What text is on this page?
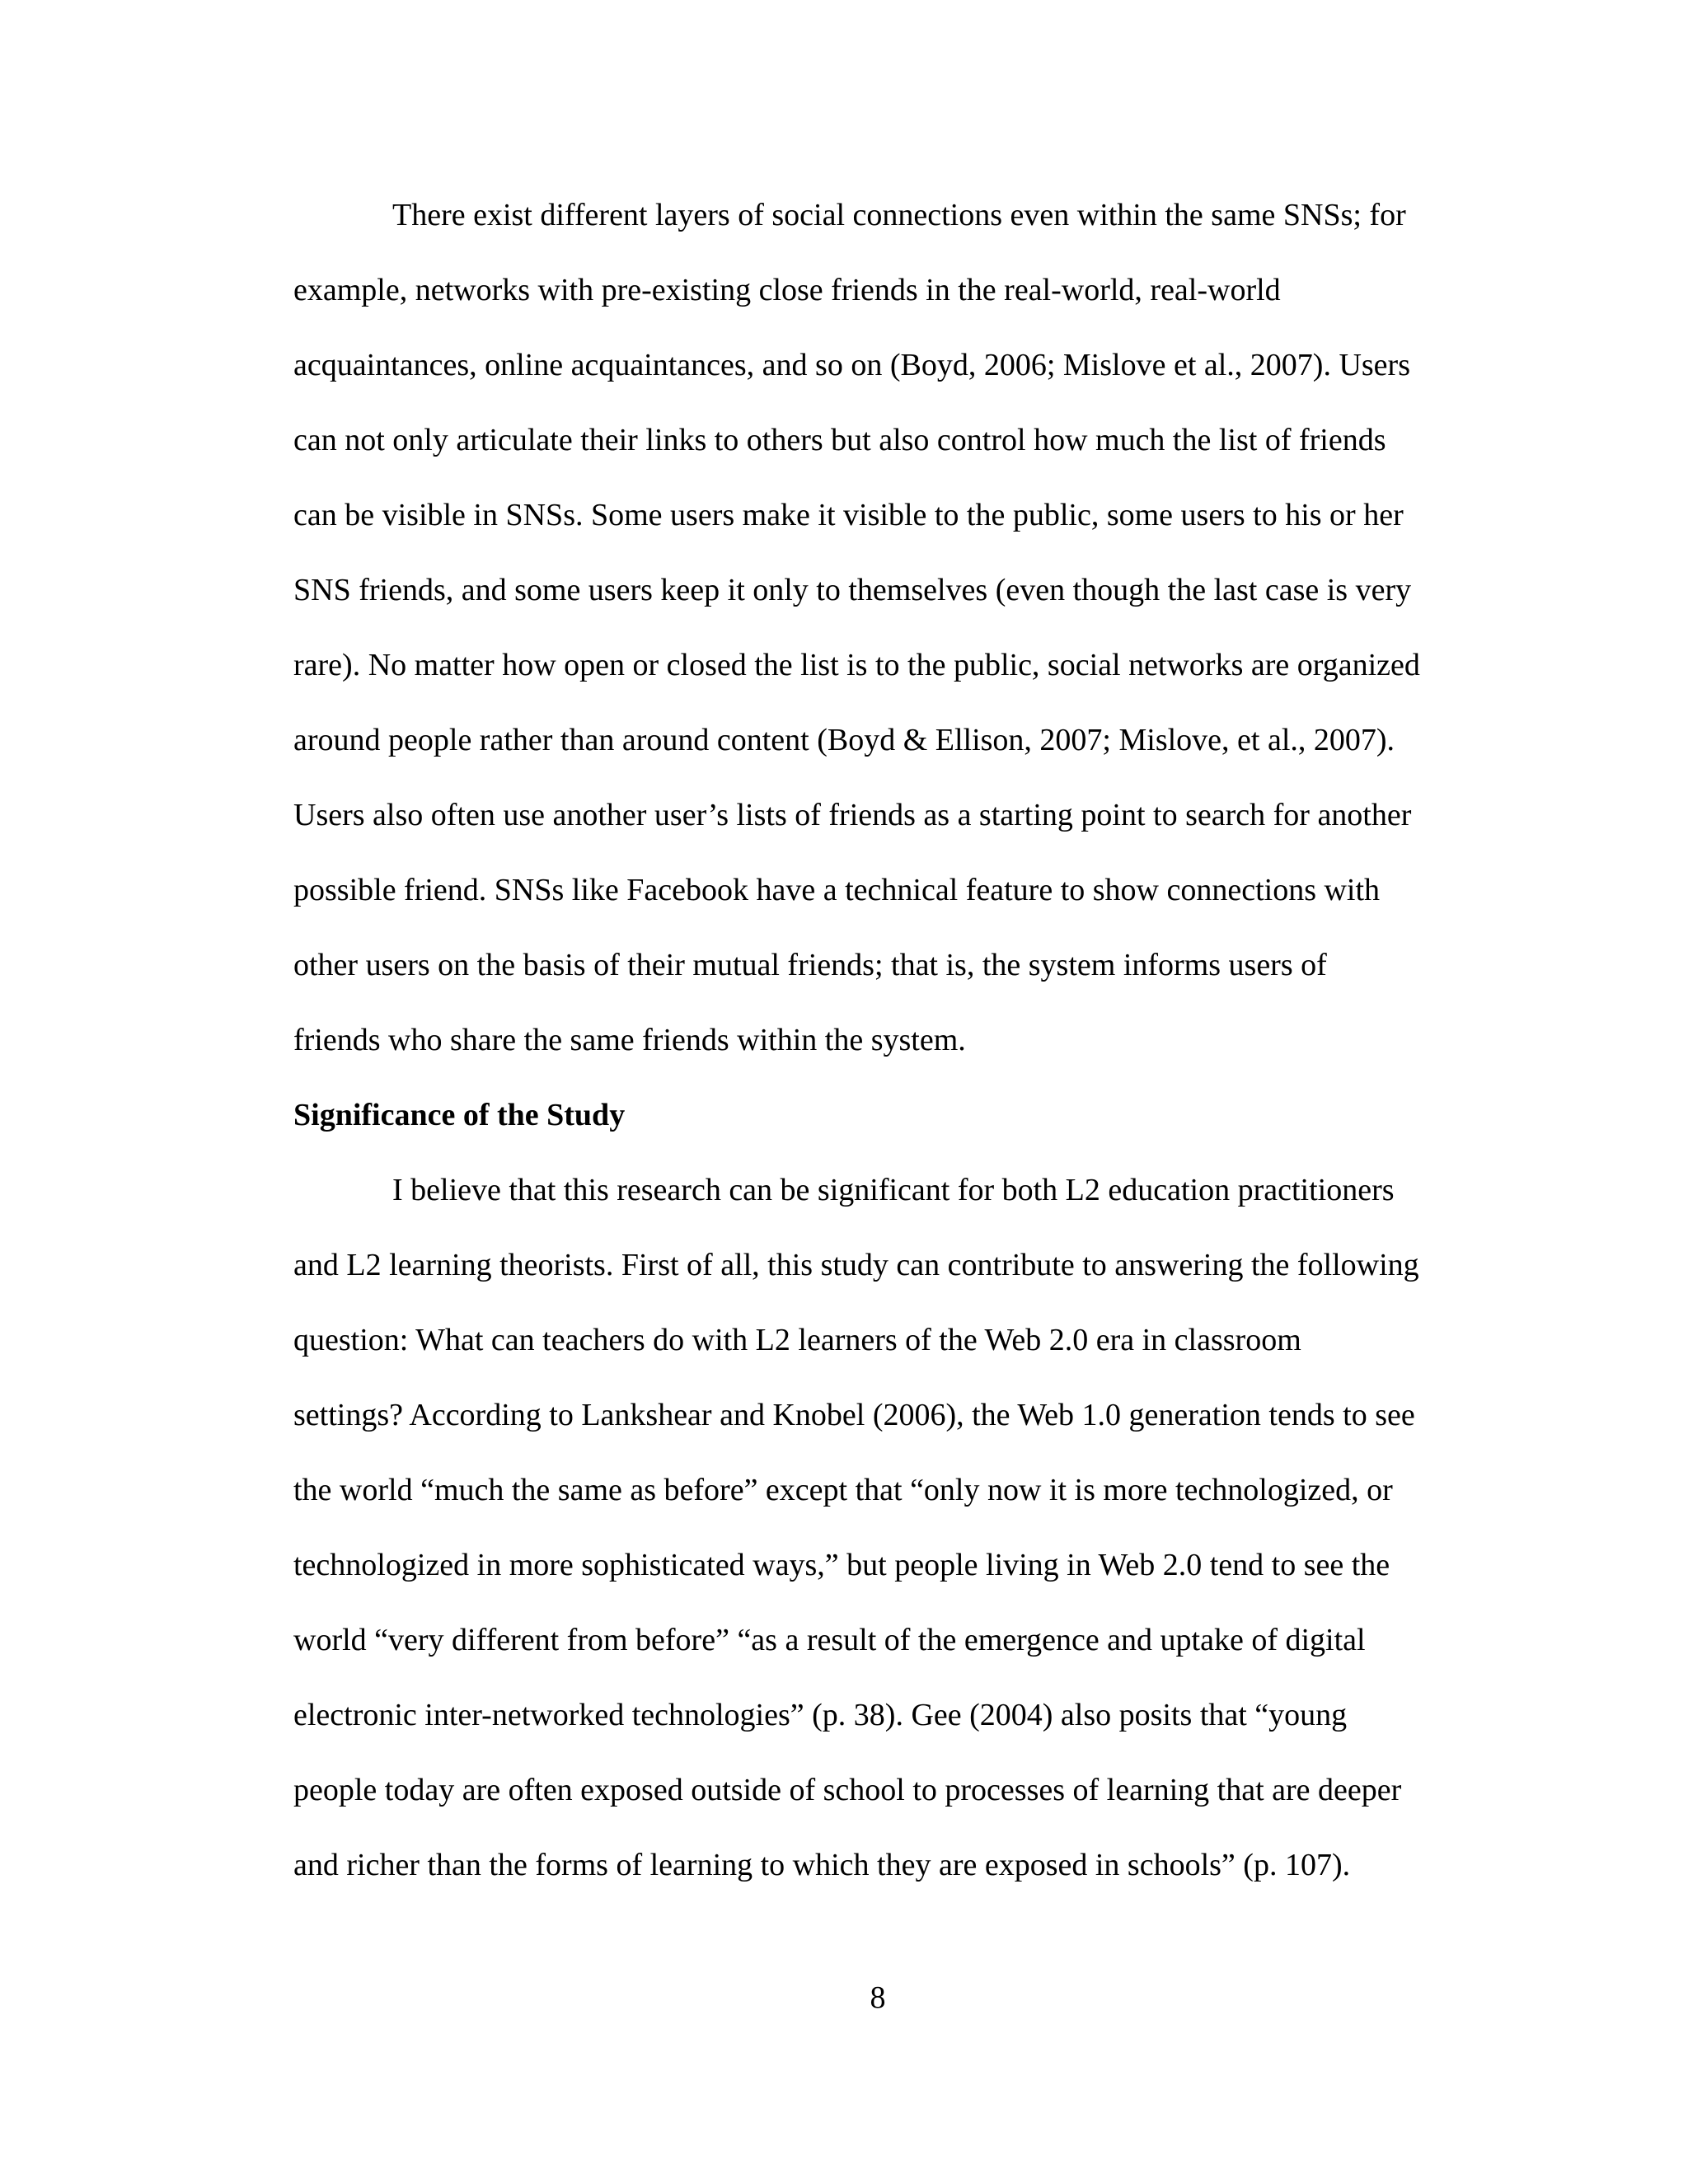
There exist different layers of social connections even within the same SNSs; for
example, networks with pre-existing close friends in the real-world, real-world
acquaintances, online acquaintances, and so on (Boyd, 2006; Mislove et al., 2007). Users
can not only articulate their links to others but also control how much the list of friends
can be visible in SNSs. Some users make it visible to the public, some users to his or her
SNS friends, and some users keep it only to themselves (even though the last case is very
rare). No matter how open or closed the list is to the public, social networks are organized
around people rather than around content (Boyd & Ellison, 2007; Mislove, et al., 2007).
Users also often use another user’s lists of friends as a starting point to search for another
possible friend. SNSs like Facebook have a technical feature to show connections with
other users on the basis of their mutual friends; that is, the system informs users of
friends who share the same friends within the system.
Significance of the Study
I believe that this research can be significant for both L2 education practitioners
and L2 learning theorists. First of all, this study can contribute to answering the following
question: What can teachers do with L2 learners of the Web 2.0 era in classroom
settings? According to Lankshear and Knobel (2006), the Web 1.0 generation tends to see
the world “much the same as before” except that “only now it is more technologized, or
technologized in more sophisticated ways,” but people living in Web 2.0 tend to see the
world “very different from before” “as a result of the emergence and uptake of digital
electronic inter-networked technologies” (p. 38). Gee (2004) also posits that “young
people today are often exposed outside of school to processes of learning that are deeper
and richer than the forms of learning to which they are exposed in schools” (p. 107).
8
